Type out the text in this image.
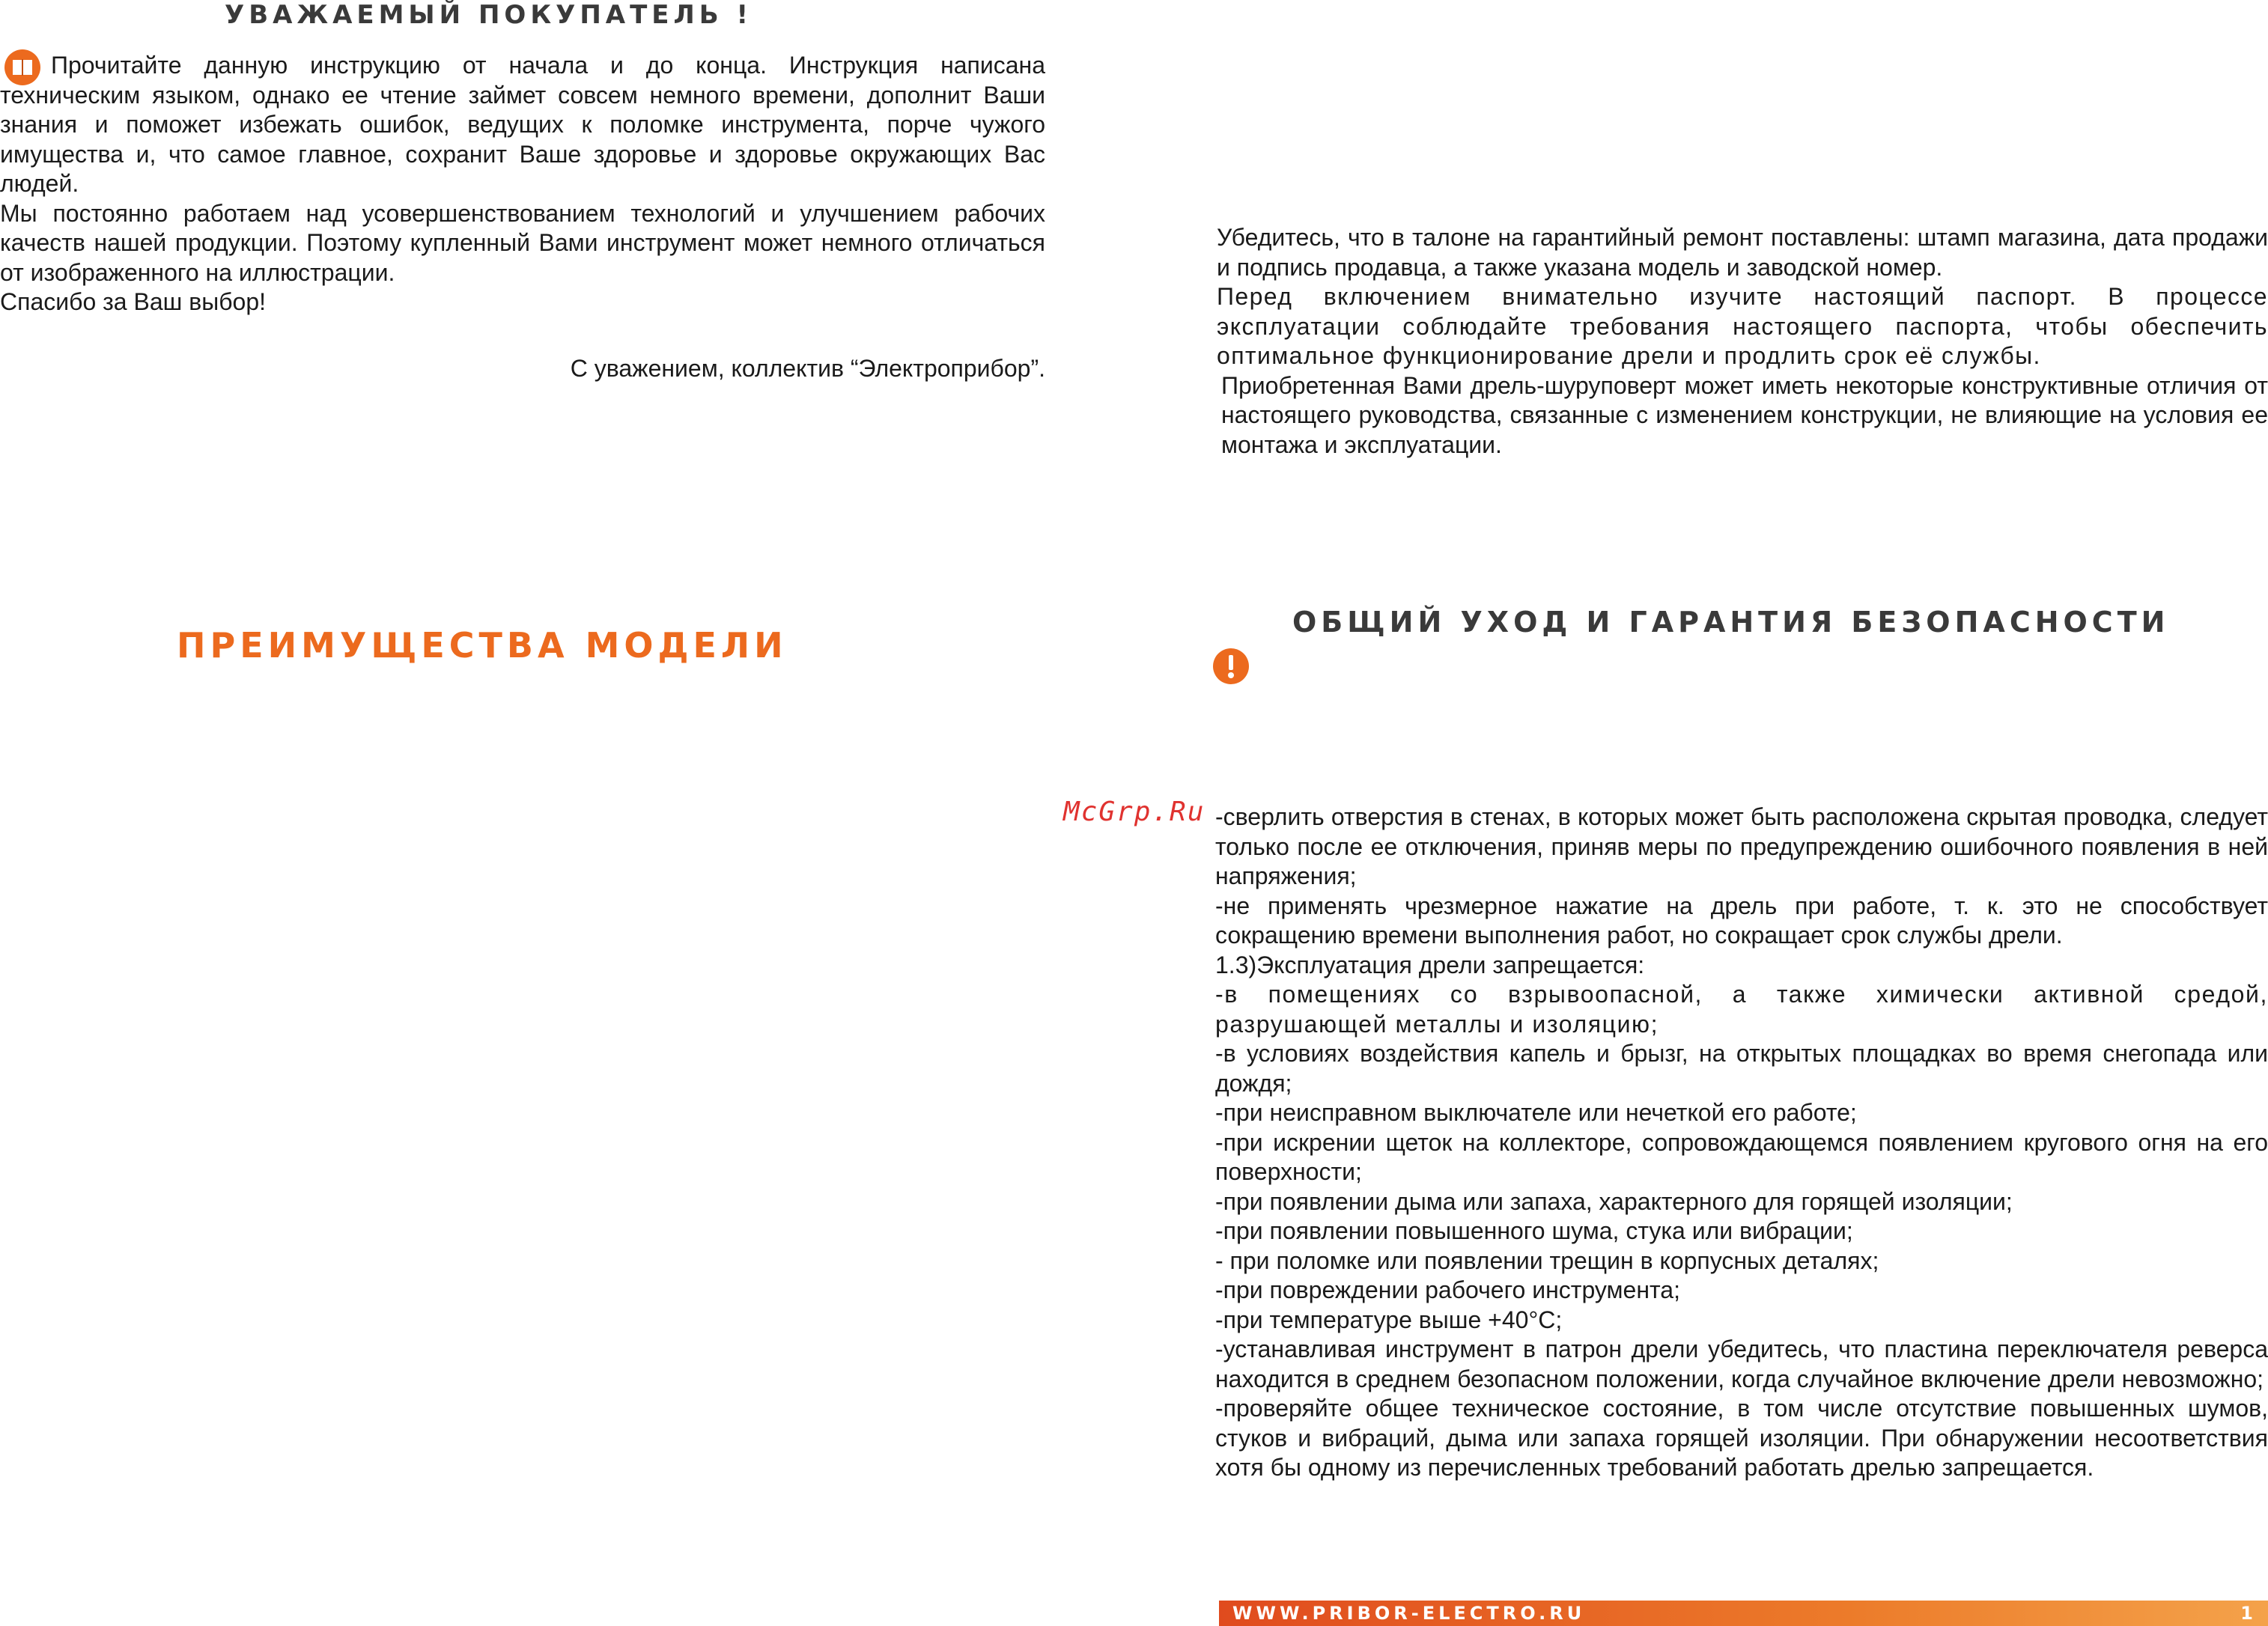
УВАЖАЕМЫЙ ПОКУПАТЕЛЬ !

Прочитайте данную инструкцию от начала и до конца. Инструкция написана техническим языком, однако ее чтение займет совсем немного времени, дополнит Ваши знания и поможет избежать ошибок, ведущих к поломке инструмента, порче чужого имущества и, что самое главное, сохранит Ваше здоровье и здоровье окружающих Вас людей.

Мы постоянно работаем над усовершенствованием технологий и улучшением рабочих качеств нашей продукции. Поэтому купленный Вами инструмент может немного отличаться от изображенного на иллюстрации.

Спасибо за Ваш выбор!

С уважением, коллектив “Электроприбор”.
ПРЕИМУЩЕСТВА МОДЕЛИ

Убедитесь, что в талоне на гарантийный ремонт поставлены: штамп магазина, дата продажи и подпись продавца, а также указана модель и заводской номер.

Перед включением внимательно изучите настоящий паспорт. В процессе эксплуатации соблюдайте требования настоящего паспорта, чтобы обеспечить оптимальное функционирование дрели и продлить срок её службы.

Приобретенная Вами дрель-шуруповерт может иметь некоторые конструктивные отличия от настоящего руководства, связанные с изменением конструкции, не влияющие на условия ее монтажа и эксплуатации.

ОБЩИЙ УХОД И ГАРАНТИЯ БЕЗОПАСНОСТИ
McGrp.Ru -сверлить отверстия в стенах, в которых может быть расположена скрытая проводка, следует только после ее отключения, приняв меры по предупреждению ошибочного появления в ней напряжения;

-не применять чрезмерное нажатие на дрель при работе, т. к. это не способствует сокращению времени выполнения работ, но сокращает срок службы дрели.

1.3)Эксплуатация дрели запрещается:

-в помещениях со взрывоопасной, а также химически активной средой, разрушающей металлы и изоляцию;

-в условиях воздействия капель и брызг, на открытых площадках во время снегопада или дождя;

-при неисправном выключателе или нечеткой его работе;

-при искрении щеток на коллекторе, сопровождающемся появлением кругового огня на его поверхности;

-при появлении дыма или запаха, характерного для горящей изоляции;

-при появлении повышенного шума, стука или вибрации;

- при поломке или появлении трещин в корпусных деталях;

-при повреждении рабочего инструмента;

-при температуре выше +40°С;

-устанавливая инструмент в патрон дрели убедитесь, что пластина переключателя реверса находится в среднем безопасном положении, когда случайное включение дрели невозможно;

-проверяйте общее техническое состояние, в том числе отсутствие повышенных шумов, стуков и вибраций, дыма или запаха горящей изоляции. При обнаружении несоответствия хотя бы одному из перечисленных требований работать дрелью запрещается.

WWW.PRIBOR-ELECTRO.RU	1
